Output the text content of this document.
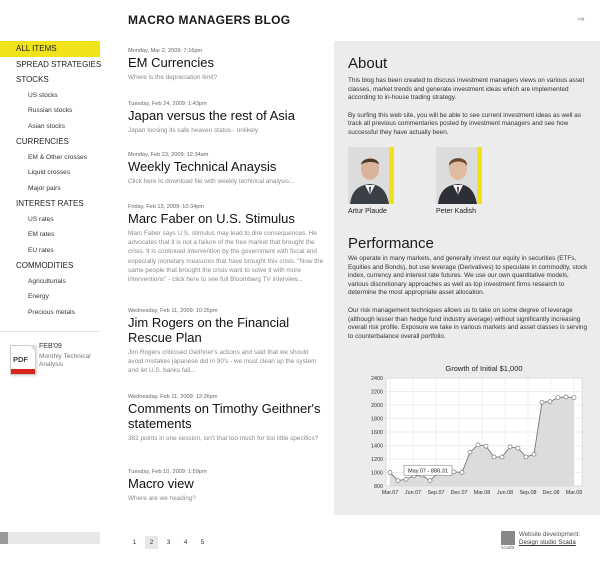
MACRO MANAGERS BLOG	⇒
ALL ITEMS
SPREAD STRATEGIES
STOCKS
US stocks
Russian stocks
Asian stocks
CURRENCIES
EM & Other crosses
Liquid crosses
Major pairs
INTEREST RATES
US rates
EM rates
EU rates
COMMODITIES
Agriculturials
Energy
Precious metals
PDF
FEB'09
Monthly Technical Analysis
Monday, Mar 2, 2009: 7:16pm
EM Currencies
Where is the depreciation limit?
Tuesday, Feb 24, 2009: 1:43pm
Japan versus the rest of Asia
Japan loosing its safe heaven status - unlikely
Monday, Feb 23, 2009: 12:34am
Weekly Technical Anaysis
Click here to download file with weekly technical analysis...
Friday, Feb 13, 2009: 10:34pm
Marc Faber on U.S. Stimulus
Marc Faber says U.S. stimulus may lead to dire consequences. He advocates that it is not a failure of the free market that brought the crisis. It is continued intervention by the government with fiscal and especially monetary measures that have brought this crisis. "Now the same people that brought the crisis want to solve it with more interventions" - click here to see full Bloomberg TV interview...
Wednesday, Feb 11, 2009: 10:25pm
Jim Rogers on the Financial Rescue Plan
Jim Rogers criticised Geithner's actions and said that we should avoid mistakes japanese did in 90's - we must clean up the system and let U.S. banks fail...
Wednesday, Feb 11, 2009: 12:26pm
Comments on Timothy Geithner's statements
382 points in one session, isn't that too much for too little specifics?
Tuesday, Feb 10, 2009: 1:59pm
Macro view
Where are we heading?
1 2 3 4 5
About

This blog has been created to discuss investment managers views on various asset classes, market trends and generate investment ideas which are implemented according to in-house trading strategy.

By surfing this web site, you will be able to see current investment ideas as well as track all previous commentaries posted by investment managers and see how successful they have actually been.

Artur Plaude	Peter Kadish
Performance

We operate in many markets, and generally invest our equity in securities (ETFs, Equities and Bonds), but use leverage (Derivatives) to speculate in commodity, stock index, currency and interest rate futures. We use our own quantitative models, various discretionary approaches as well as top investment firms research to determine the most appropriate asset allocation.

Our risk management techniques allows us to take on some degree of leverage (although lesser than hedge fund industry average) without significantly increasing overall risk profile. Exposure we take in various markets and asset classes is serving to counterbalance overall portfolio.

Growth of Initial $1,000
800
1000
1200
1400
1600
1800
2000
2200
2400
Mar.07 Jun.07 Sep.07 Dec.07 Mar.08 Jun.08 Sep.08 Dec.08 Mar.09
May.07 - 880.31
scada
Website development:
Design studio Scada
